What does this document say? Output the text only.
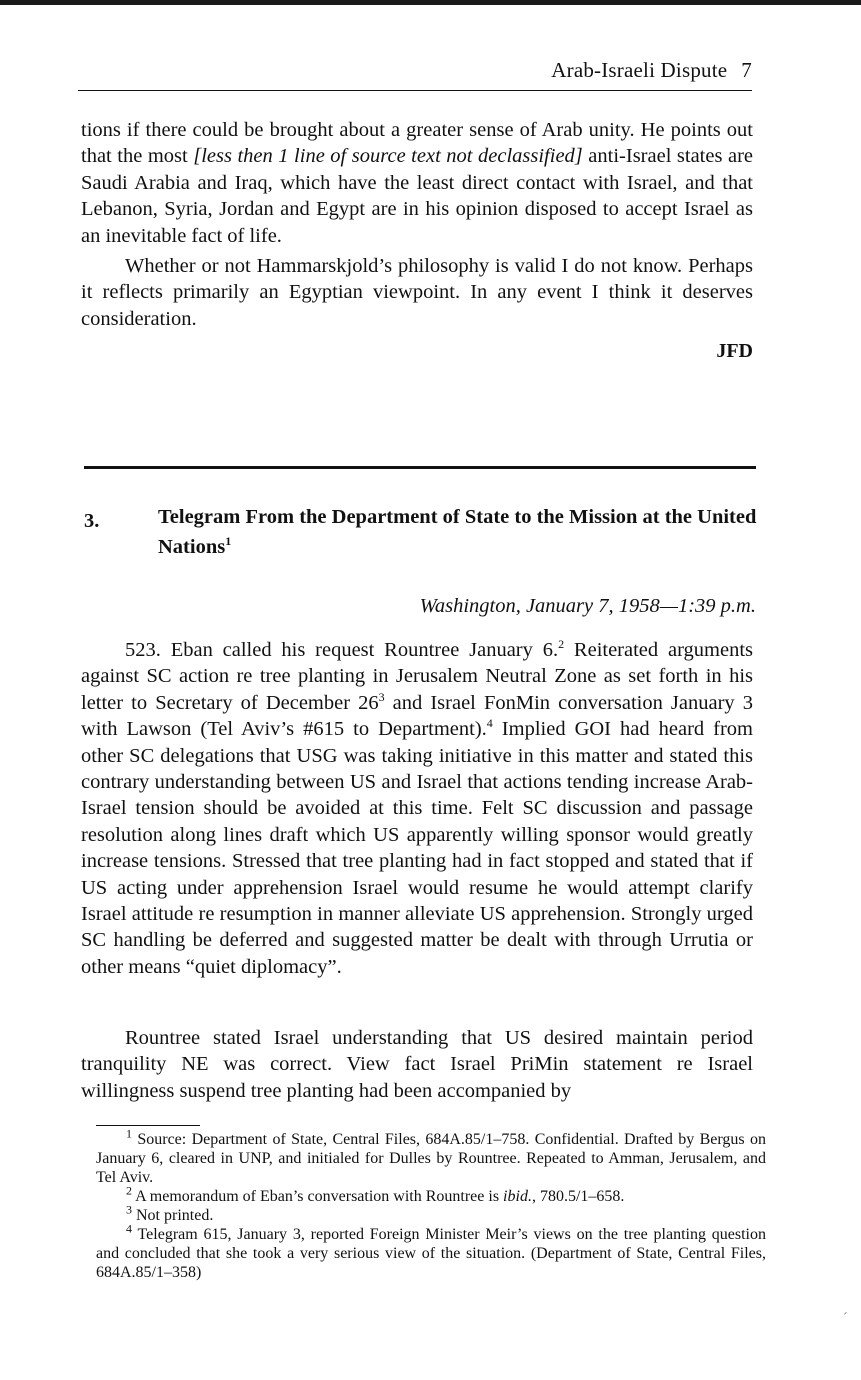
Arab-Israeli Dispute 7

tions if there could be brought about a greater sense of Arab unity. He points out that the most [less then 1 line of source text not declassified] anti-Israel states are Saudi Arabia and Iraq, which have the least direct contact with Israel, and that Lebanon, Syria, Jordan and Egypt are in his opinion disposed to accept Israel as an inevitable fact of life.

Whether or not Hammarskjold’s philosophy is valid I do not know. Perhaps it reflects primarily an Egyptian viewpoint. In any event I think it deserves consideration.

JFD
3.	Telegram From the Department of State to the Mission at the United Nations$^1$
Washington, January 7, 1958—1:39 p.m.

523. Eban called his request Rountree January 6.$^2$ Reiterated arguments against SC action re tree planting in Jerusalem Neutral Zone as set forth in his letter to Secretary of December $26^3$ and Israel FonMin conversation January 3 with Lawson (Tel Aviv’s #615 to Department).$^4$ Implied GOI had heard from other SC delegations that USG was taking initiative in this matter and stated this contrary understanding between US and Israel that actions tending increase Arab-Israel tension should be avoided at this time. Felt SC discussion and passage resolution along lines draft which US apparently willing sponsor would greatly increase tensions. Stressed that tree planting had in fact stopped and stated that if US acting under apprehension Israel would resume he would attempt clarify Israel attitude re resumption in manner alleviate US apprehension. Strongly urged SC handling be deferred and suggested matter be dealt with through Urrutia or other means “quiet diplomacy”.

Rountree stated Israel understanding that US desired maintain period tranquility NE was correct. View fact Israel PriMin statement re Israel willingness suspend tree planting had been accompanied by

$^1$ Source: Department of State, Central Files, 684A.85/1–758. Confidential. Drafted by Bergus on January 6, cleared in UNP, and initialed for Dulles by Rountree. Repeated to Amman, Jerusalem, and Tel Aviv.

$^2$ A memorandum of Eban’s conversation with Rountree is ibid., 780.5/1–658.

$^3$ Not printed.

$^4$ Telegram 615, January 3, reported Foreign Minister Meir’s views on the tree planting question and concluded that she took a very serious view of the situation. (Department of State, Central Files, 684A.85/1–358)

´
